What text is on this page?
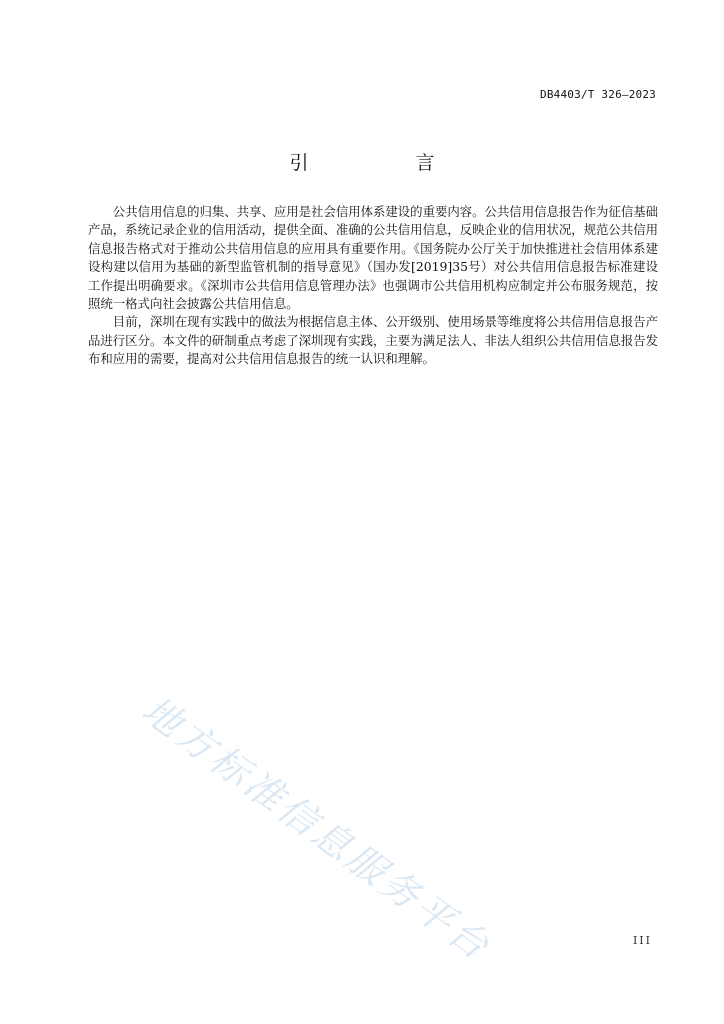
DB4403/T 326—2023
引　言

公共信用信息的归集、共享、应用是社会信用体系建设的重要内容。公共信用信息报告作为征信基础产品，系统记录企业的信用活动，提供全面、准确的公共信用信息，反映企业的信用状况，规范公共信用信息报告格式对于推动公共信用信息的应用具有重要作用。《国务院办公厅关于加快推进社会信用体系建设构建以信用为基础的新型监管机制的指导意见》（国办发[2019]35号）对公共信用信息报告标准建设工作提出明确要求。《深圳市公共信用信息管理办法》也强调市公共信用机构应制定并公布服务规范，按照统一格式向社会披露公共信用信息。

目前，深圳在现有实践中的做法为根据信息主体、公开级别、使用场景等维度将公共信用信息报告产品进行区分。本文件的研制重点考虑了深圳现有实践，主要为满足法人、非法人组织公共信用信息报告发布和应用的需要，提高对公共信用信息报告的统一认识和理解。

地方标准信息服务平台	III
